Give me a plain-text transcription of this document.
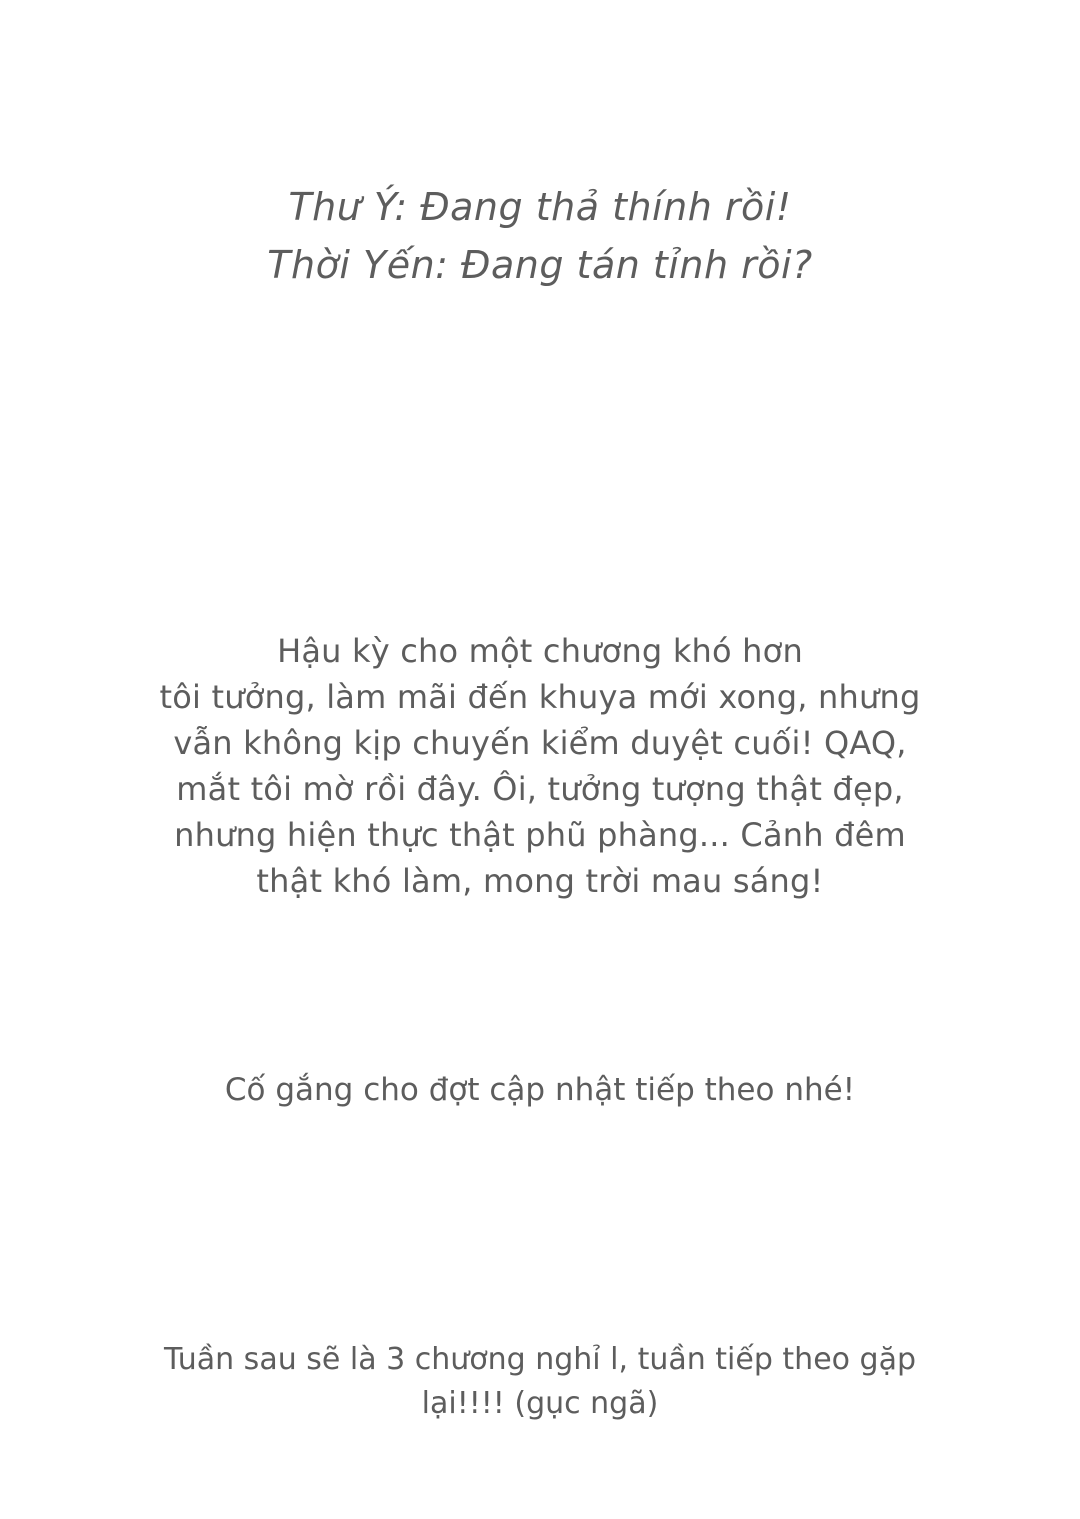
Thư Ý: Đang thả thính rồi!
Thời Yến: Đang tán tỉnh rồi?
Hậu kỳ cho một chương khó hơn
tôi tưởng, làm mãi đến khuya mới xong, nhưng
vẫn không kịp chuyến kiểm duyệt cuối! QAQ,
mắt tôi mờ rồi đây. Ôi, tưởng tượng thật đẹp,
nhưng hiện thực thật phũ phàng... Cảnh đêm
thật khó làm, mong trời mau sáng!
Cố gắng cho đợt cập nhật tiếp theo nhé!
Tuần sau sẽ là 3 chương nghỉ l, tuần tiếp theo gặp
lại!!!! (gục ngã)
